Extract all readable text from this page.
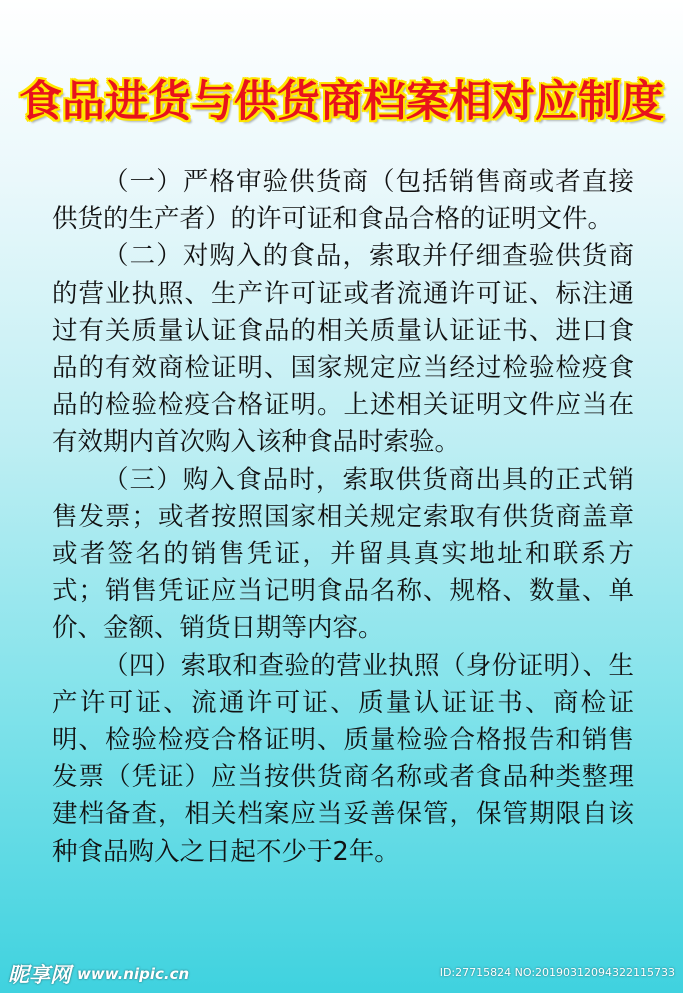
食品进货与供货商档案相对应制度

（一）严格审验供货商（包括销售商或者直接供货的生产者）的许可证和食品合格的证明文件。

（二）对购入的食品，索取并仔细查验供货商的营业执照、生产许可证或者流通许可证、标注通过有关质量认证食品的相关质量认证证书、进口食品的有效商检证明、国家规定应当经过检验检疫食品的检验检疫合格证明。上述相关证明文件应当在有效期内首次购入该种食品时索验。

（三）购入食品时，索取供货商出具的正式销售发票；或者按照国家相关规定索取有供货商盖章或者签名的销售凭证，并留具真实地址和联系方式；销售凭证应当记明食品名称、规格、数量、单价、金额、销货日期等内容。

（四）索取和查验的营业执照（身份证明）、生产许可证、流通许可证、质量认证证书、商检证明、检验检疫合格证明、质量检验合格报告和销售发票（凭证）应当按供货商名称或者食品种类整理建档备查，相关档案应当妥善保管，保管期限自该种食品购入之日起不少于2年。

昵享网 www.nipic.cn	ID:27715824 NO:20190312094322115733
